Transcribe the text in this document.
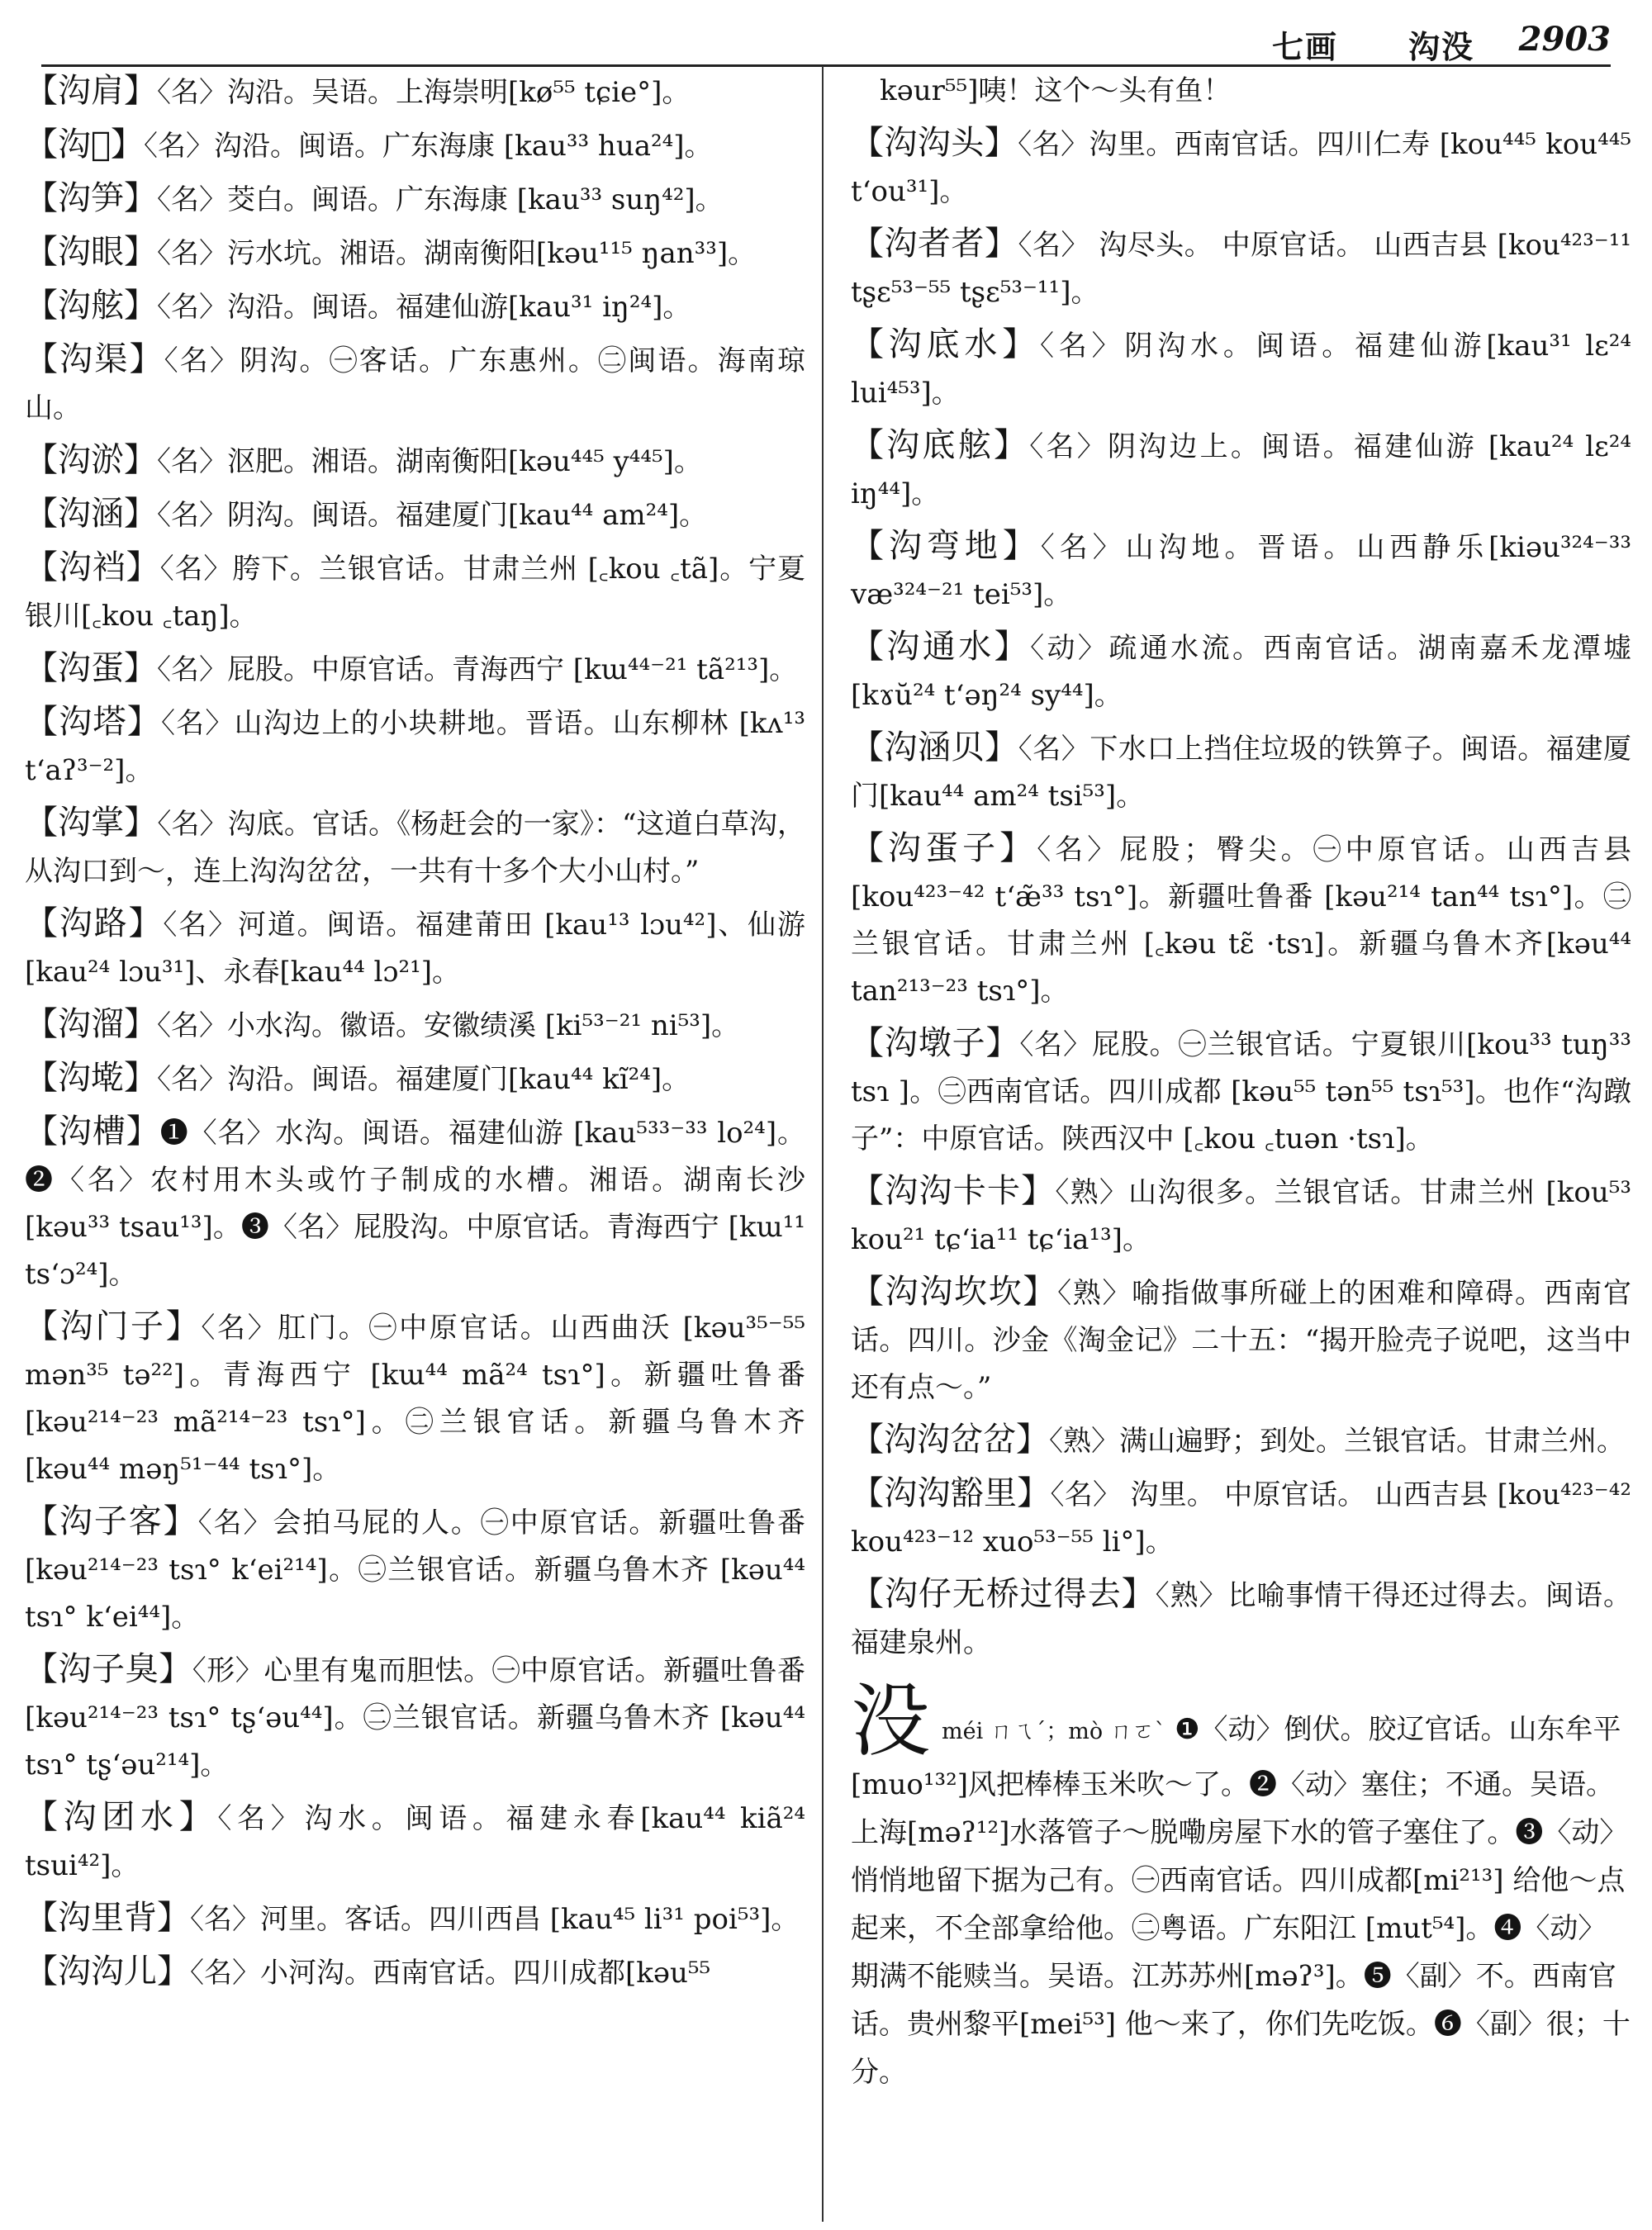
七画 沟没 2903

【沟肩】〈名〉沟沿。吴语。上海崇明[kø⁵⁵ tɕie°]。

【沟𡍕】〈名〉沟沿。闽语。广东海康 [kau³³ hua²⁴]。

【沟笋】〈名〉茭白。闽语。广东海康 [kau³³ suŋ⁴²]。

【沟眼】〈名〉污水坑。湘语。湖南衡阳[kəu¹¹⁵ ŋan³³]。

【沟舷】〈名〉沟沿。闽语。福建仙游[kau³¹ iŋ²⁴]。

【沟渠】〈名〉阴沟。㊀客话。广东惠州。㊁闽语。海南琼山。

【沟淤】〈名〉沤肥。湘语。湖南衡阳[kəu⁴⁴⁵ y⁴⁴⁵]。

【沟涵】〈名〉阴沟。闽语。福建厦门[kau⁴⁴ am²⁴]。

【沟裆】〈名〉胯下。兰银官话。甘肃兰州 [꜀kou ꜀tã]。宁夏银川[꜀kou ꜀taŋ]。

【沟蛋】〈名〉屁股。中原官话。青海西宁 [kɯ⁴⁴⁻²¹ tã²¹³]。

【沟塔】〈名〉山沟边上的小块耕地。晋语。山东柳林 [kʌ¹³ t‘aʔ³⁻²]。

【沟掌】〈名〉沟底。官话。《杨赶会的一家》：“这道白草沟，从沟口到～，连上沟沟岔岔，一共有十多个大小山村。”

【沟路】〈名〉河道。闽语。福建莆田 [kau¹³ lɔu⁴²]、仙游[kau²⁴ lɔu³¹]、永春[kau⁴⁴ lɔ²¹]。

【沟溜】〈名〉小水沟。徽语。安徽绩溪 [ki⁵³⁻²¹ ni⁵³]。

【沟墘】〈名〉沟沿。闽语。福建厦门[kau⁴⁴ kĩ²⁴]。

【沟槽】❶〈名〉水沟。闽语。福建仙游 [kau⁵³³⁻³³ lo²⁴]。❷〈名〉农村用木头或竹子制成的水槽。湘语。湖南长沙 [kəu³³ tsau¹³]。❸〈名〉屁股沟。中原官话。青海西宁 [kɯ¹¹ ts‘ɔ²⁴]。

【沟门子】〈名〉肛门。㊀中原官话。山西曲沃 [kəu³⁵⁻⁵⁵ mən³⁵ tə²²]。青海西宁 [kɯ⁴⁴ mã²⁴ tsɿ°]。新疆吐鲁番[kəu²¹⁴⁻²³ mã²¹⁴⁻²³ tsɿ°]。㊁兰银官话。新疆乌鲁木齐 [kəu⁴⁴ məŋ⁵¹⁻⁴⁴ tsɿ°]。

【沟子客】〈名〉会拍马屁的人。㊀中原官话。新疆吐鲁番[kəu²¹⁴⁻²³ tsɿ° k‘ei²¹⁴]。㊁兰银官话。新疆乌鲁木齐 [kəu⁴⁴ tsɿ° k‘ei⁴⁴]。

【沟子臭】〈形〉心里有鬼而胆怯。㊀中原官话。新疆吐鲁番[kəu²¹⁴⁻²³ tsɿ° tʂ‘əu⁴⁴]。㊁兰银官话。新疆乌鲁木齐 [kəu⁴⁴ tsɿ° tʂ‘əu²¹⁴]。

【沟团水】〈名〉沟水。闽语。福建永春[kau⁴⁴ kiã²⁴ tsui⁴²]。

【沟里背】〈名〉河里。客话。四川西昌 [kau⁴⁵ li³¹ poi⁵³]。

【沟沟儿】〈名〉小河沟。西南官话。四川成都[kəu⁵⁵

kəur⁵⁵]咦！这个～头有鱼！

【沟沟头】〈名〉沟里。西南官话。四川仁寿 [kou⁴⁴⁵ kou⁴⁴⁵ t‘ou³¹]。

【沟者者】〈名〉 沟尽头。 中原官话。 山西吉县 [kou⁴²³⁻¹¹ tʂɛ⁵³⁻⁵⁵ tʂɛ⁵³⁻¹¹]。

【沟底水】〈名〉阴沟水。闽语。福建仙游[kau³¹ lɛ²⁴ lui⁴⁵³]。

【沟底舷】〈名〉阴沟边上。闽语。福建仙游 [kau²⁴ lɛ²⁴ iŋ⁴⁴]。

【沟弯地】〈名〉山沟地。晋语。山西静乐[kiəu³²⁴⁻³³ væ³²⁴⁻²¹ tei⁵³]。

【沟通水】〈动〉疏通水流。西南官话。湖南嘉禾龙潭墟[kɤŭ²⁴ t‘əŋ²⁴ sy⁴⁴]。

【沟涵贝】〈名〉下水口上挡住垃圾的铁箅子。闽语。福建厦门[kau⁴⁴ am²⁴ tsi⁵³]。

【沟蛋子】〈名〉屁股；臀尖。㊀中原官话。山西吉县 [kou⁴²³⁻⁴² t‘æ̃³³ tsɿ°]。新疆吐鲁番 [kəu²¹⁴ tan⁴⁴ tsɿ°]。㊁兰银官话。甘肃兰州 [꜀kəu tɛ̃ ·tsɿ]。新疆乌鲁木齐[kəu⁴⁴ tan²¹³⁻²³ tsɿ°]。

【沟墩子】〈名〉屁股。㊀兰银官话。宁夏银川[kou³³ tuŋ³³ tsɿ ]。㊁西南官话。四川成都 [kəu⁵⁵ tən⁵⁵ tsɿ⁵³]。也作“沟蹾子”：中原官话。陕西汉中 [꜀kou ꜀tuən ·tsɿ]。

【沟沟卡卡】〈熟〉山沟很多。兰银官话。甘肃兰州 [kou⁵³ kou²¹ tɕ‘ia¹¹ tɕ‘ia¹³]。

【沟沟坎坎】〈熟〉喻指做事所碰上的困难和障碍。西南官话。四川。沙金《淘金记》二十五：“揭开脸壳子说吧，这当中还有点～。”

【沟沟岔岔】〈熟〉满山遍野；到处。兰银官话。甘肃兰州。

【沟沟豁里】〈名〉 沟里。 中原官话。 山西吉县 [kou⁴²³⁻⁴² kou⁴²³⁻¹² xuo⁵³⁻⁵⁵ li°]。

【沟仔无桥过得去】〈熟〉比喻事情干得还过得去。闽语。福建泉州。

没méi ㄇㄟˊ；mò ㄇㄛˋ ❶〈动〉倒伏。胶辽官话。山东牟平[muo¹³²]风把棒棒玉米吹～了。❷〈动〉塞住；不通。吴语。上海[məʔ¹²]水落管子～脱嘞房屋下水的管子塞住了。❸〈动〉悄悄地留下据为己有。㊀西南官话。四川成都[mi²¹³] 给他～点起来，不全部拿给他。㊁粤语。广东阳江 [mut⁵⁴]。❹〈动〉期满不能赎当。吴语。江苏苏州[məʔ³]。❺〈副〉不。西南官话。贵州黎平[mei⁵³] 他～来了，你们先吃饭。❻〈副〉很；十分。
